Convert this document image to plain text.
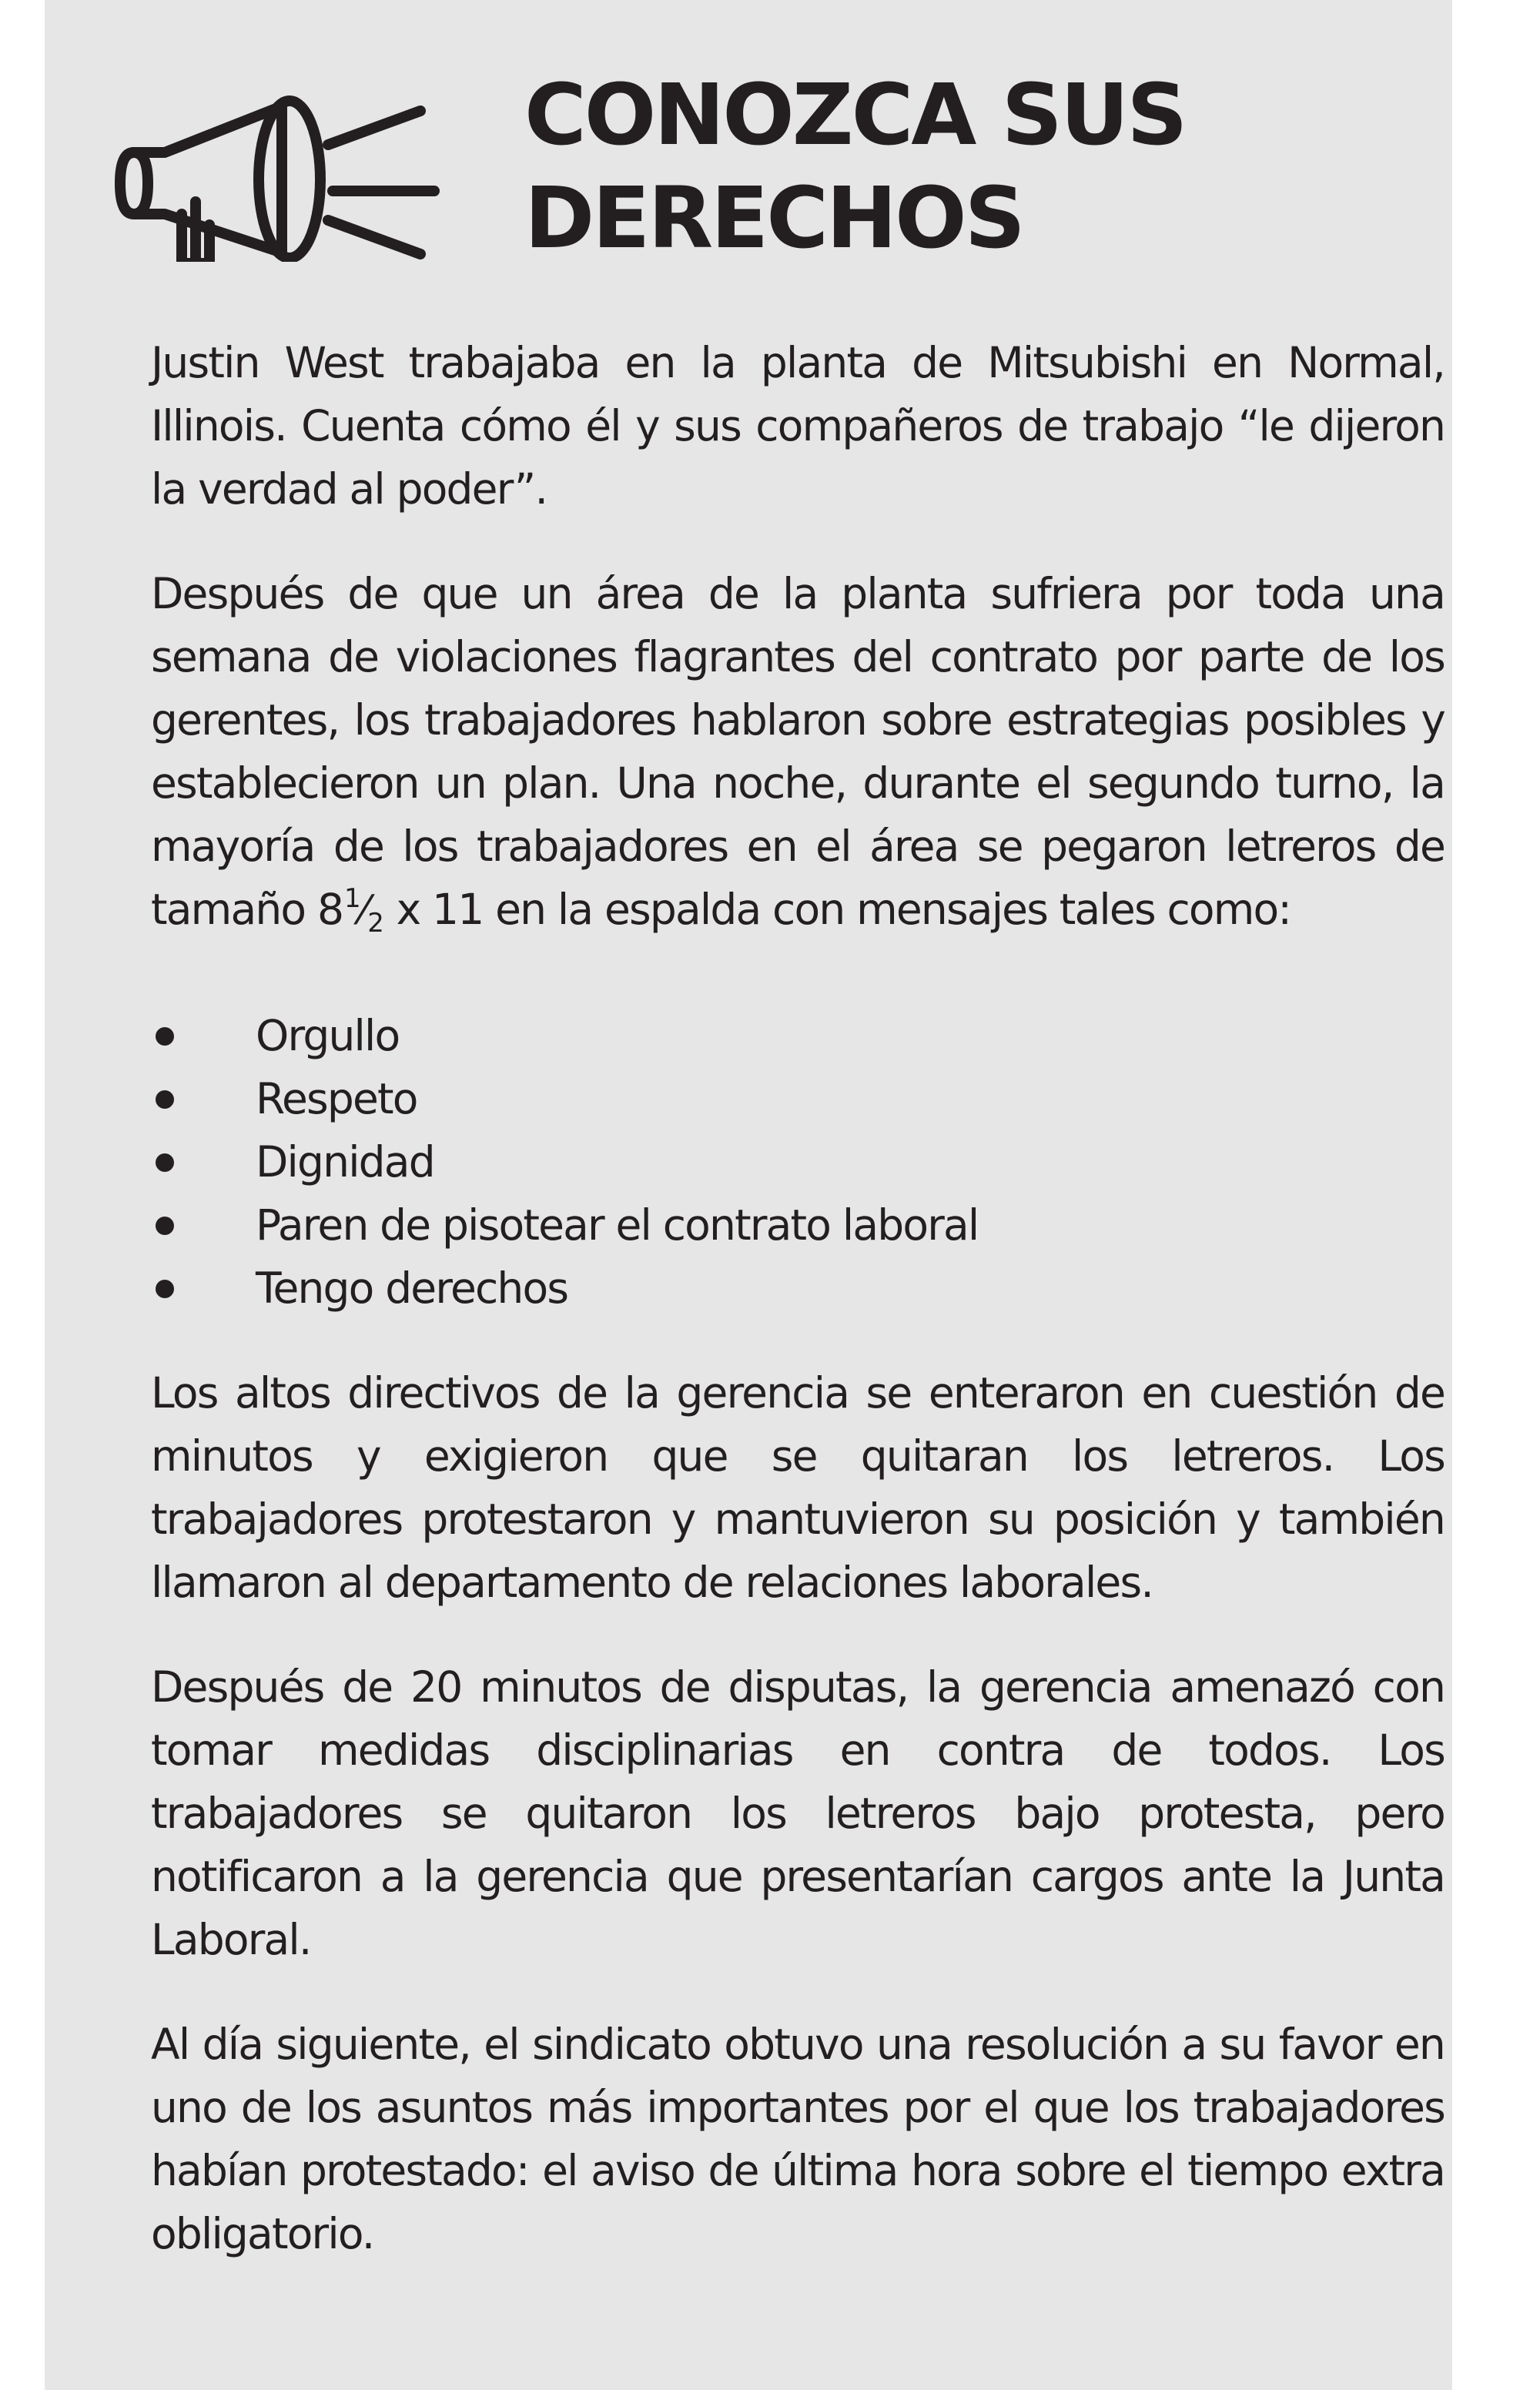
CONOZCA SUS
DERECHOS

Justin West trabajaba en la planta de Mitsubishi en Normal, Illinois. Cuenta cómo él y sus compañeros de trabajo “le dijeron la verdad al poder”.

Después de que un área de la planta sufriera por toda una semana de violaciones flagrantes del contrato por parte de los gerentes, los trabajadores hablaron sobre estrategias posibles y establecieron un plan. Una noche, durante el segundo turno, la mayoría de los trabajadores en el área se pegaron letreros de tamaño $8^1⁄_2$ x 11 en la espalda con mensajes tales como:

Orgullo
Respeto
Dignidad
Paren de pisotear el contrato laboral
Tengo derechos

Los altos directivos de la gerencia se enteraron en cuestión de minutos y exigieron que se quitaran los letreros. Los trabajadores protestaron y mantuvieron su posición y también llamaron al departamento de relaciones laborales.

Después de 20 minutos de disputas, la gerencia amenazó con tomar medidas disciplinarias en contra de todos. Los trabajadores se quitaron los letreros bajo protesta, pero notificaron a la gerencia que presentarían cargos ante la Junta Laboral.

Al día siguiente, el sindicato obtuvo una resolución a su favor en uno de los asuntos más importantes por el que los trabajadores habían protestado: el aviso de última hora sobre el tiempo extra obligatorio.
